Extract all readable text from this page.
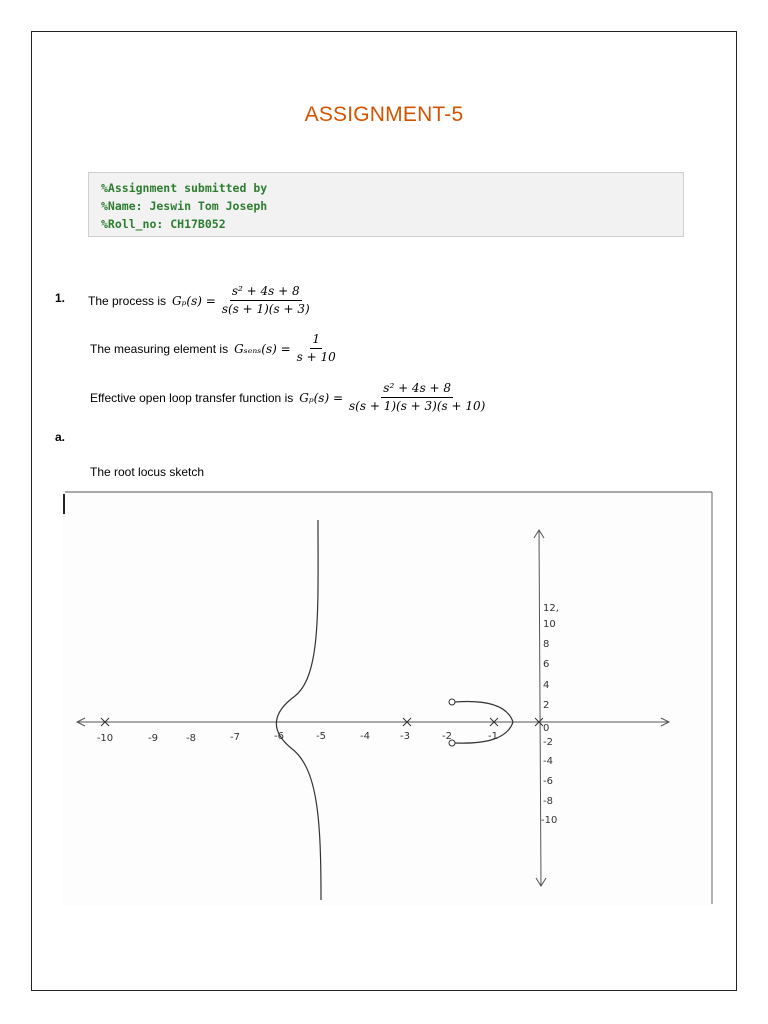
ASSIGNMENT-5
%Assignment submitted by
%Name: Jeswin Tom Joseph
%Roll_no: CH17B052
1. The process is $G_p(s) = \frac{\text{s² + 4s + 8}}{s(s + 1)(s + 3)}$
The measuring element is $G_{sens}(s) = \frac{1}{s + 10}$
Effective open loop transfer function is $G_p(s) = \frac{\text{s² + 4s + 8}}{s(s + 1)(s + 3)(s + 10)}$
a.
The root locus sketch
-10	-9	-8	-7	-6	-5	-4	-3	-2	-1
12,
10
8
6
4
2
0
-2
-4
-6
-8
-10
